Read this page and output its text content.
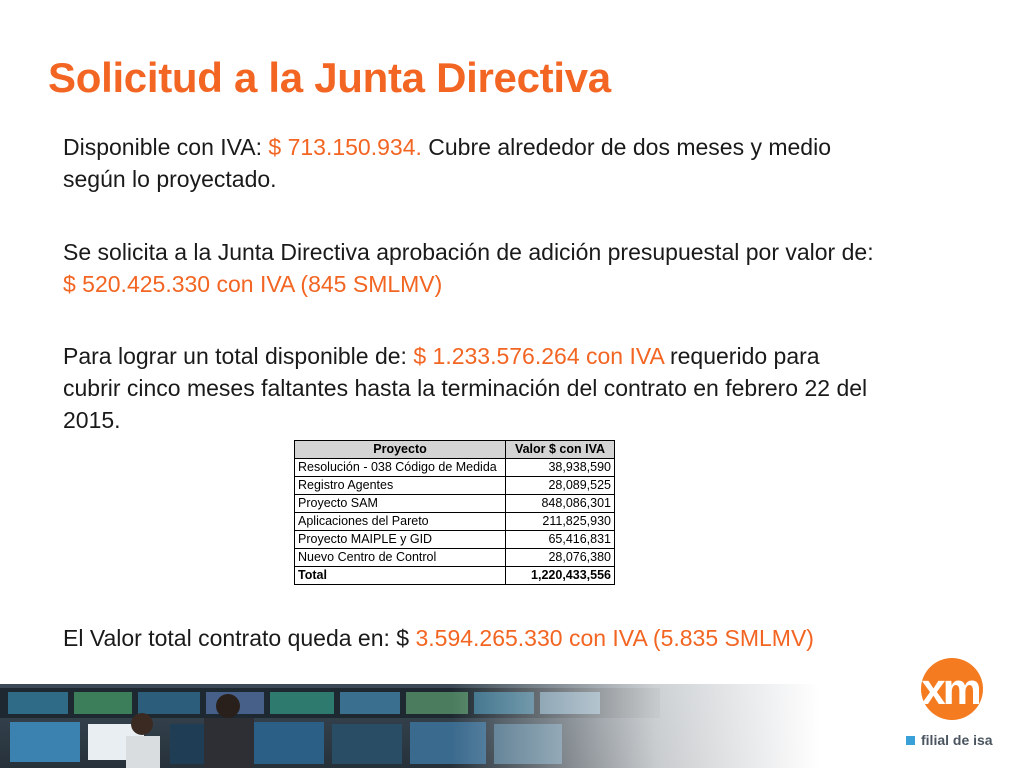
Solicitud a la Junta Directiva
Disponible con IVA: $ 713.150.934. Cubre alrededor de dos meses y medio según lo proyectado.
Se solicita a la Junta Directiva aprobación de adición presupuestal por valor de: $ 520.425.330 con IVA (845 SMLMV)
Para lograr un total disponible de: $ 1.233.576.264 con IVA requerido para cubrir cinco meses faltantes hasta la terminación del contrato en febrero 22 del 2015.
Proyecto	Valor $ con IVA
Resolución - 038 Código de Medida	38,938,590
Registro Agentes	28,089,525
Proyecto SAM	848,086,301
Aplicaciones del Pareto	211,825,930
Proyecto MAIPLE y GID	65,416,831
Nuevo Centro de Control	28,076,380
Total	1,220,433,556
El Valor total contrato queda en: $ 3.594.265.330 con IVA (5.835 SMLMV)
xm
filial de isa
